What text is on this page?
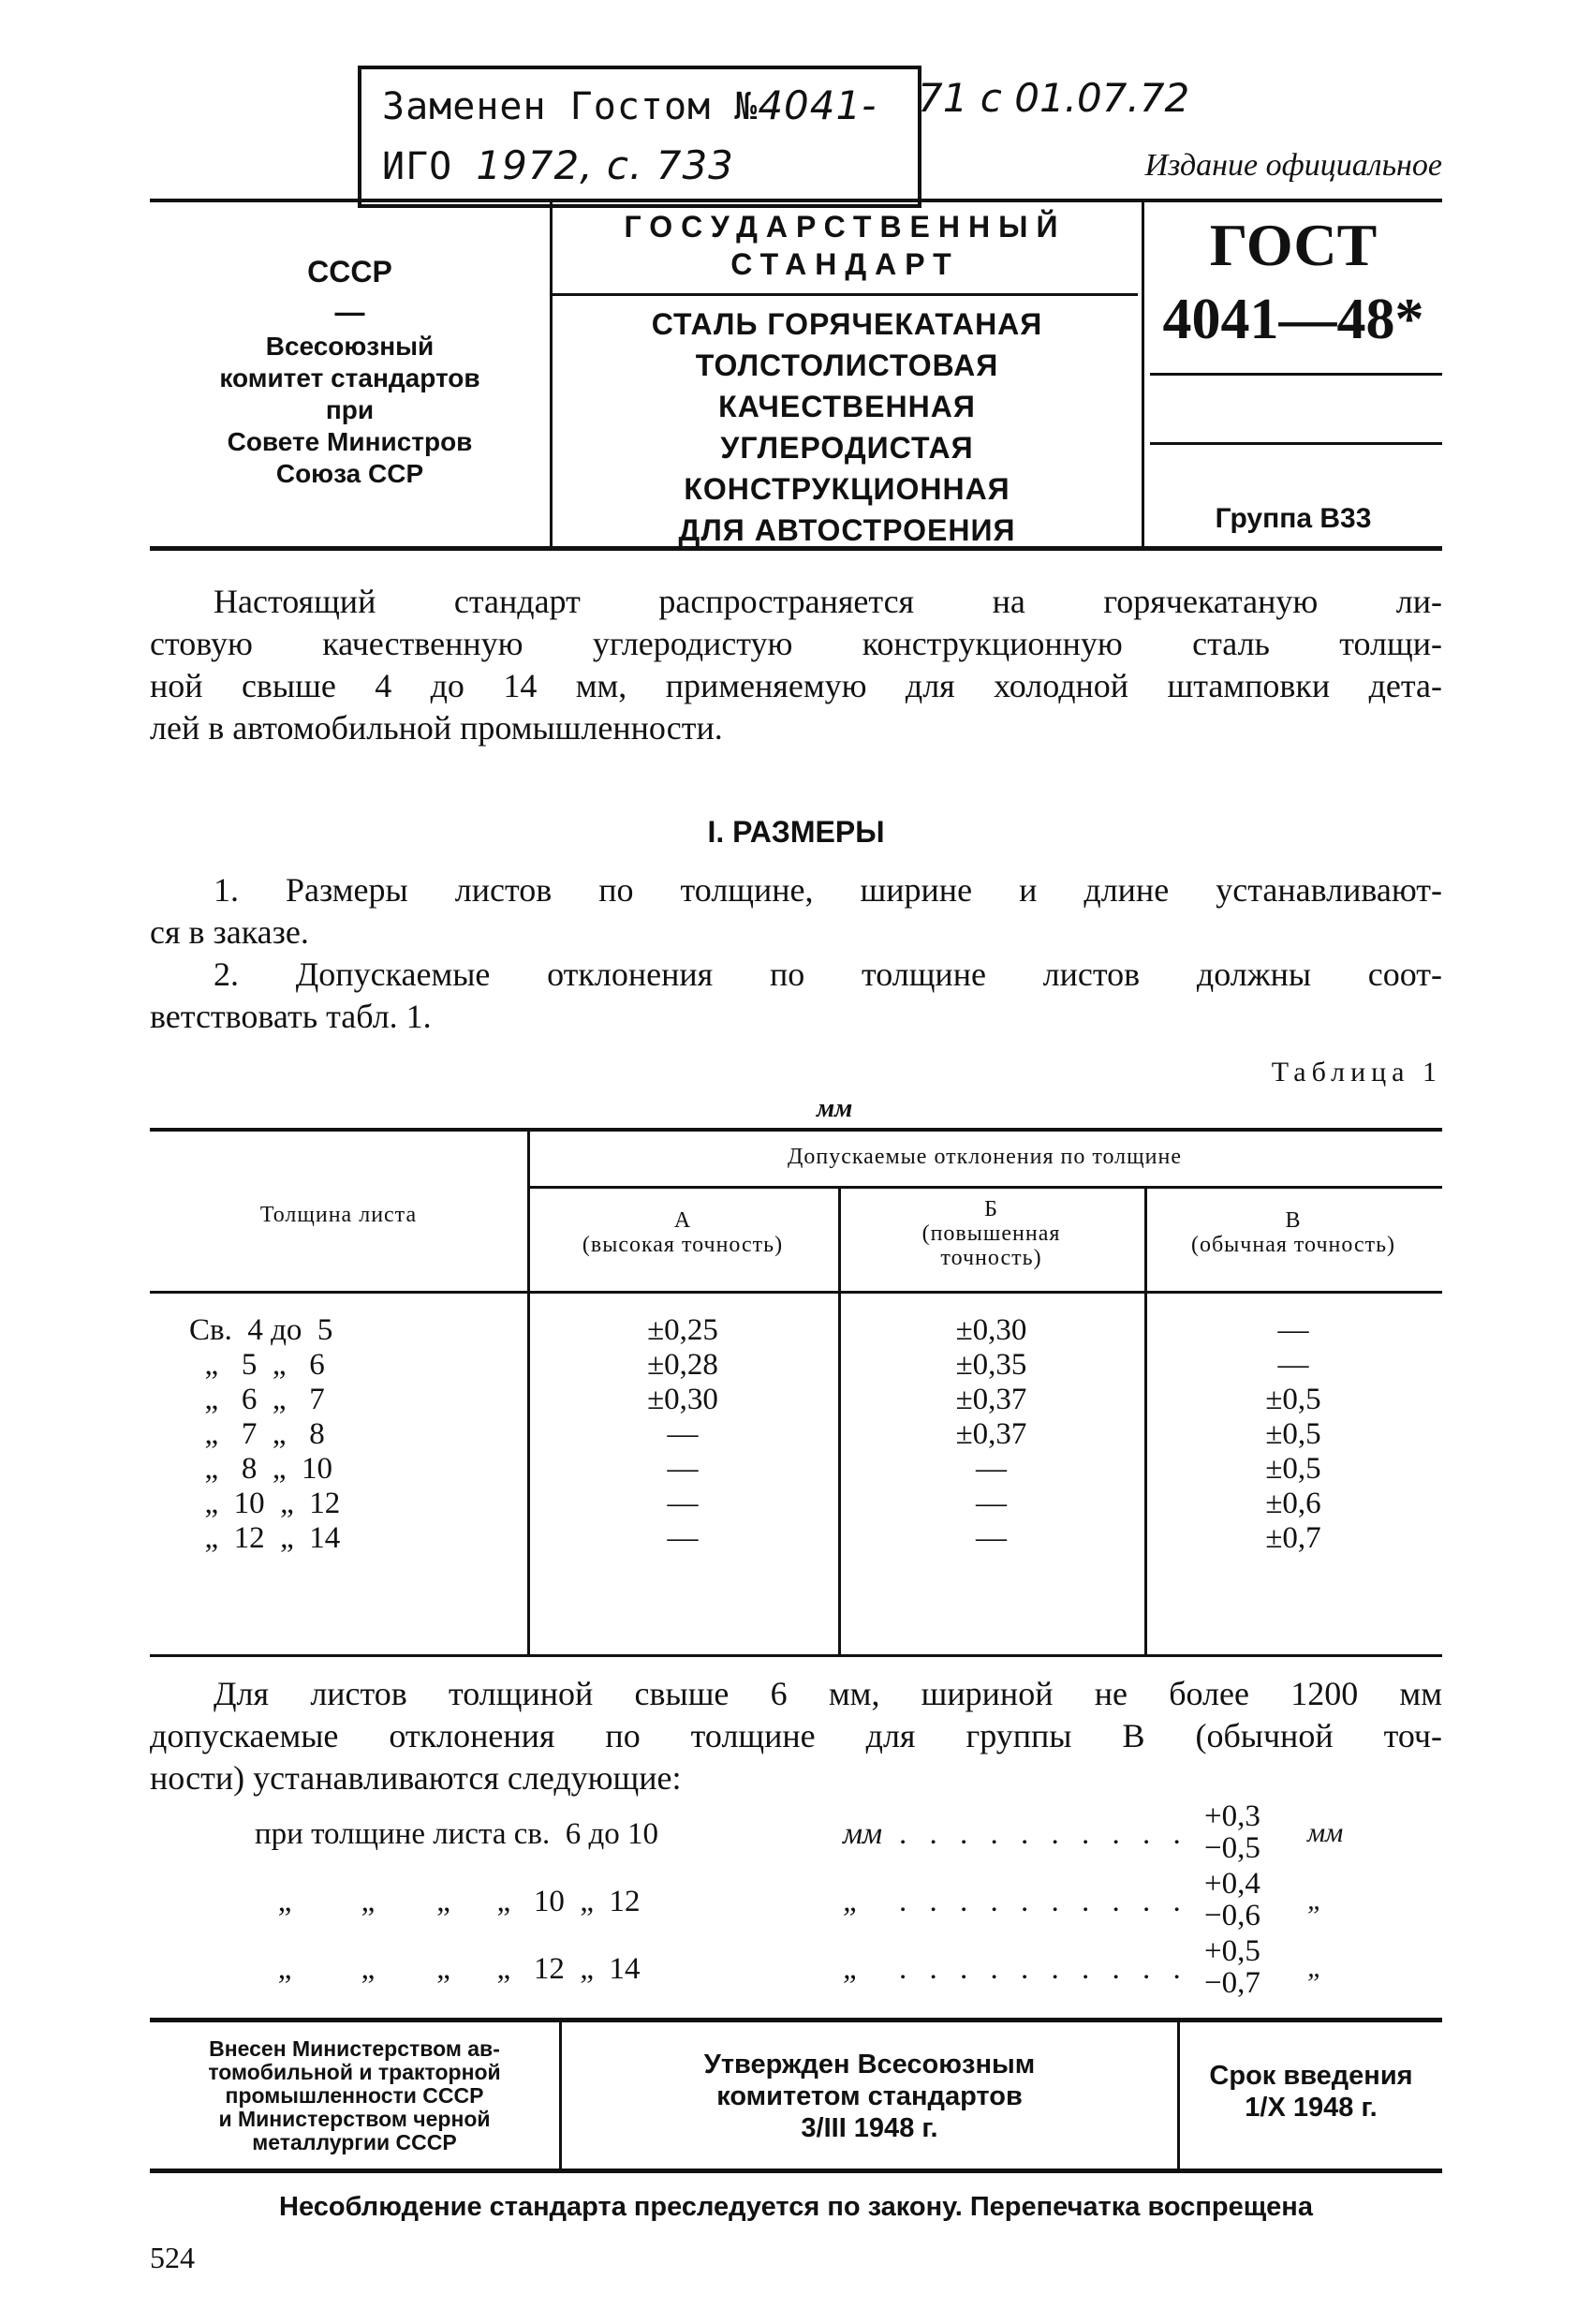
Заменен Гостом №4041-
ИГО 1972, с. 733
71 с 01.07.72
Издание официальное
СССР
—
Всесоюзный
комитет стандартов
при
Совете Министров
Союза ССР
ГОСУДАРСТВЕННЫЙ
СТАНДАРТ
СТАЛЬ ГОРЯЧЕКАТАНАЯ
ТОЛСТОЛИСТОВАЯ
КАЧЕСТВЕННАЯ
УГЛЕРОДИСТАЯ
КОНСТРУКЦИОННАЯ
ДЛЯ АВТОСТРОЕНИЯ
ГОСТ
4041—48*
Группа В33
Настоящий стандарт распространяется на горячекатаную ли-
стовую качественную углеродистую конструкционную сталь толщи-
ной свыше 4 до 14 мм, применяемую для холодной штамповки дета-
лей в автомобильной промышленности.
I. РАЗМЕРЫ
1. Размеры листов по толщине, ширине и длине устанавливают-
ся в заказе.
2. Допускаемые отклонения по толщине листов должны соот-
ветствовать табл. 1.
Таблица 1
мм
Толщина листа
Допускаемые отклонения по толщине
А
(высокая точность)
Б
(повышенная
точность)
В
(обычная точность)
Св.  4 до  5	±0,25	±0,30	—
„   5  „   6	±0,28	±0,35	—
„   6  „   7	±0,30	±0,37	±0,5
„   7  „   8	—	±0,37	±0,5
„   8  „  10	—	—	±0,5
„  10  „  12	—	—	±0,6
„  12  „  14	—	—	±0,7
Для листов толщиной свыше 6 мм, шириной не более 1200 мм
допускаемые отклонения по толщине для группы В (обычной точ-
ности) устанавливаются следующие:
при толщине листа св.  6 до 10	мм . . . . . . . . . .
+0,3
−0,5 мм
„         „        „      „   10  „  12	„ . . . . . . . . . .
+0,4
−0,6 „
„         „        „      „   12  „  14	„ . . . . . . . . . .
+0,5
−0,7 „
Внесен Министерством ав-
томобильной и тракторной
промышленности СССР
и Министерством черной
металлургии СССР
Утвержден Всесоюзным
комитетом стандартов
3/III 1948 г.
Срок введения
1/Х 1948 г.
Несоблюдение стандарта преследуется по закону. Перепечатка воспрещена
524
